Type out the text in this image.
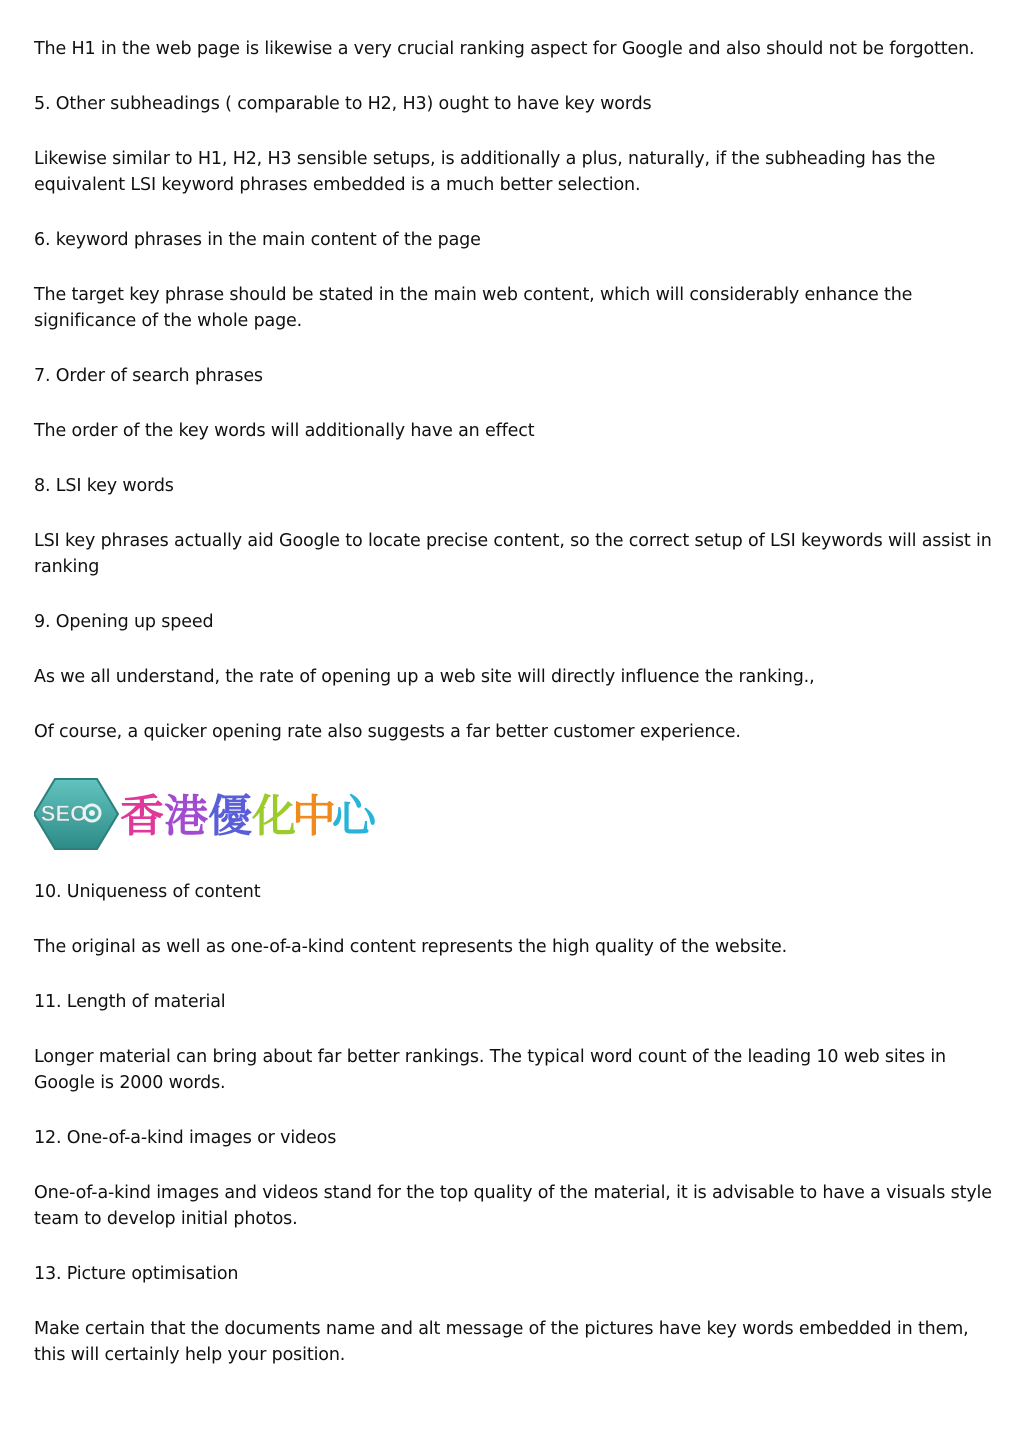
The H1 in the web page is likewise a very crucial ranking aspect for Google and also should not be forgotten.

5. Other subheadings ( comparable to H2, H3) ought to have key words

Likewise similar to H1, H2, H3 sensible setups, is additionally a plus, naturally, if the subheading has the equivalent LSI keyword phrases embedded is a much better selection.

6. keyword phrases in the main content of the page

The target key phrase should be stated in the main web content, which will considerably enhance the significance of the whole page.

7. Order of search phrases

The order of the key words will additionally have an effect

8. LSI key words

LSI key phrases actually aid Google to locate precise content, so the correct setup of LSI keywords will assist in ranking

9. Opening up speed

As we all understand, the rate of opening up a web site will directly influence the ranking.,

Of course, a quicker opening rate also suggests a far better customer experience.

SEO 香 港 優 化
中
心

10. Uniqueness of content

The original as well as one-of-a-kind content represents the high quality of the website.

11. Length of material

Longer material can bring about far better rankings. The typical word count of the leading 10 web sites in Google is 2000 words.

12. One-of-a-kind images or videos

One-of-a-kind images and videos stand for the top quality of the material, it is advisable to have a visuals style team to develop initial photos.

13. Picture optimisation

Make certain that the documents name and alt message of the pictures have key words embedded in them, this will certainly help your position.
